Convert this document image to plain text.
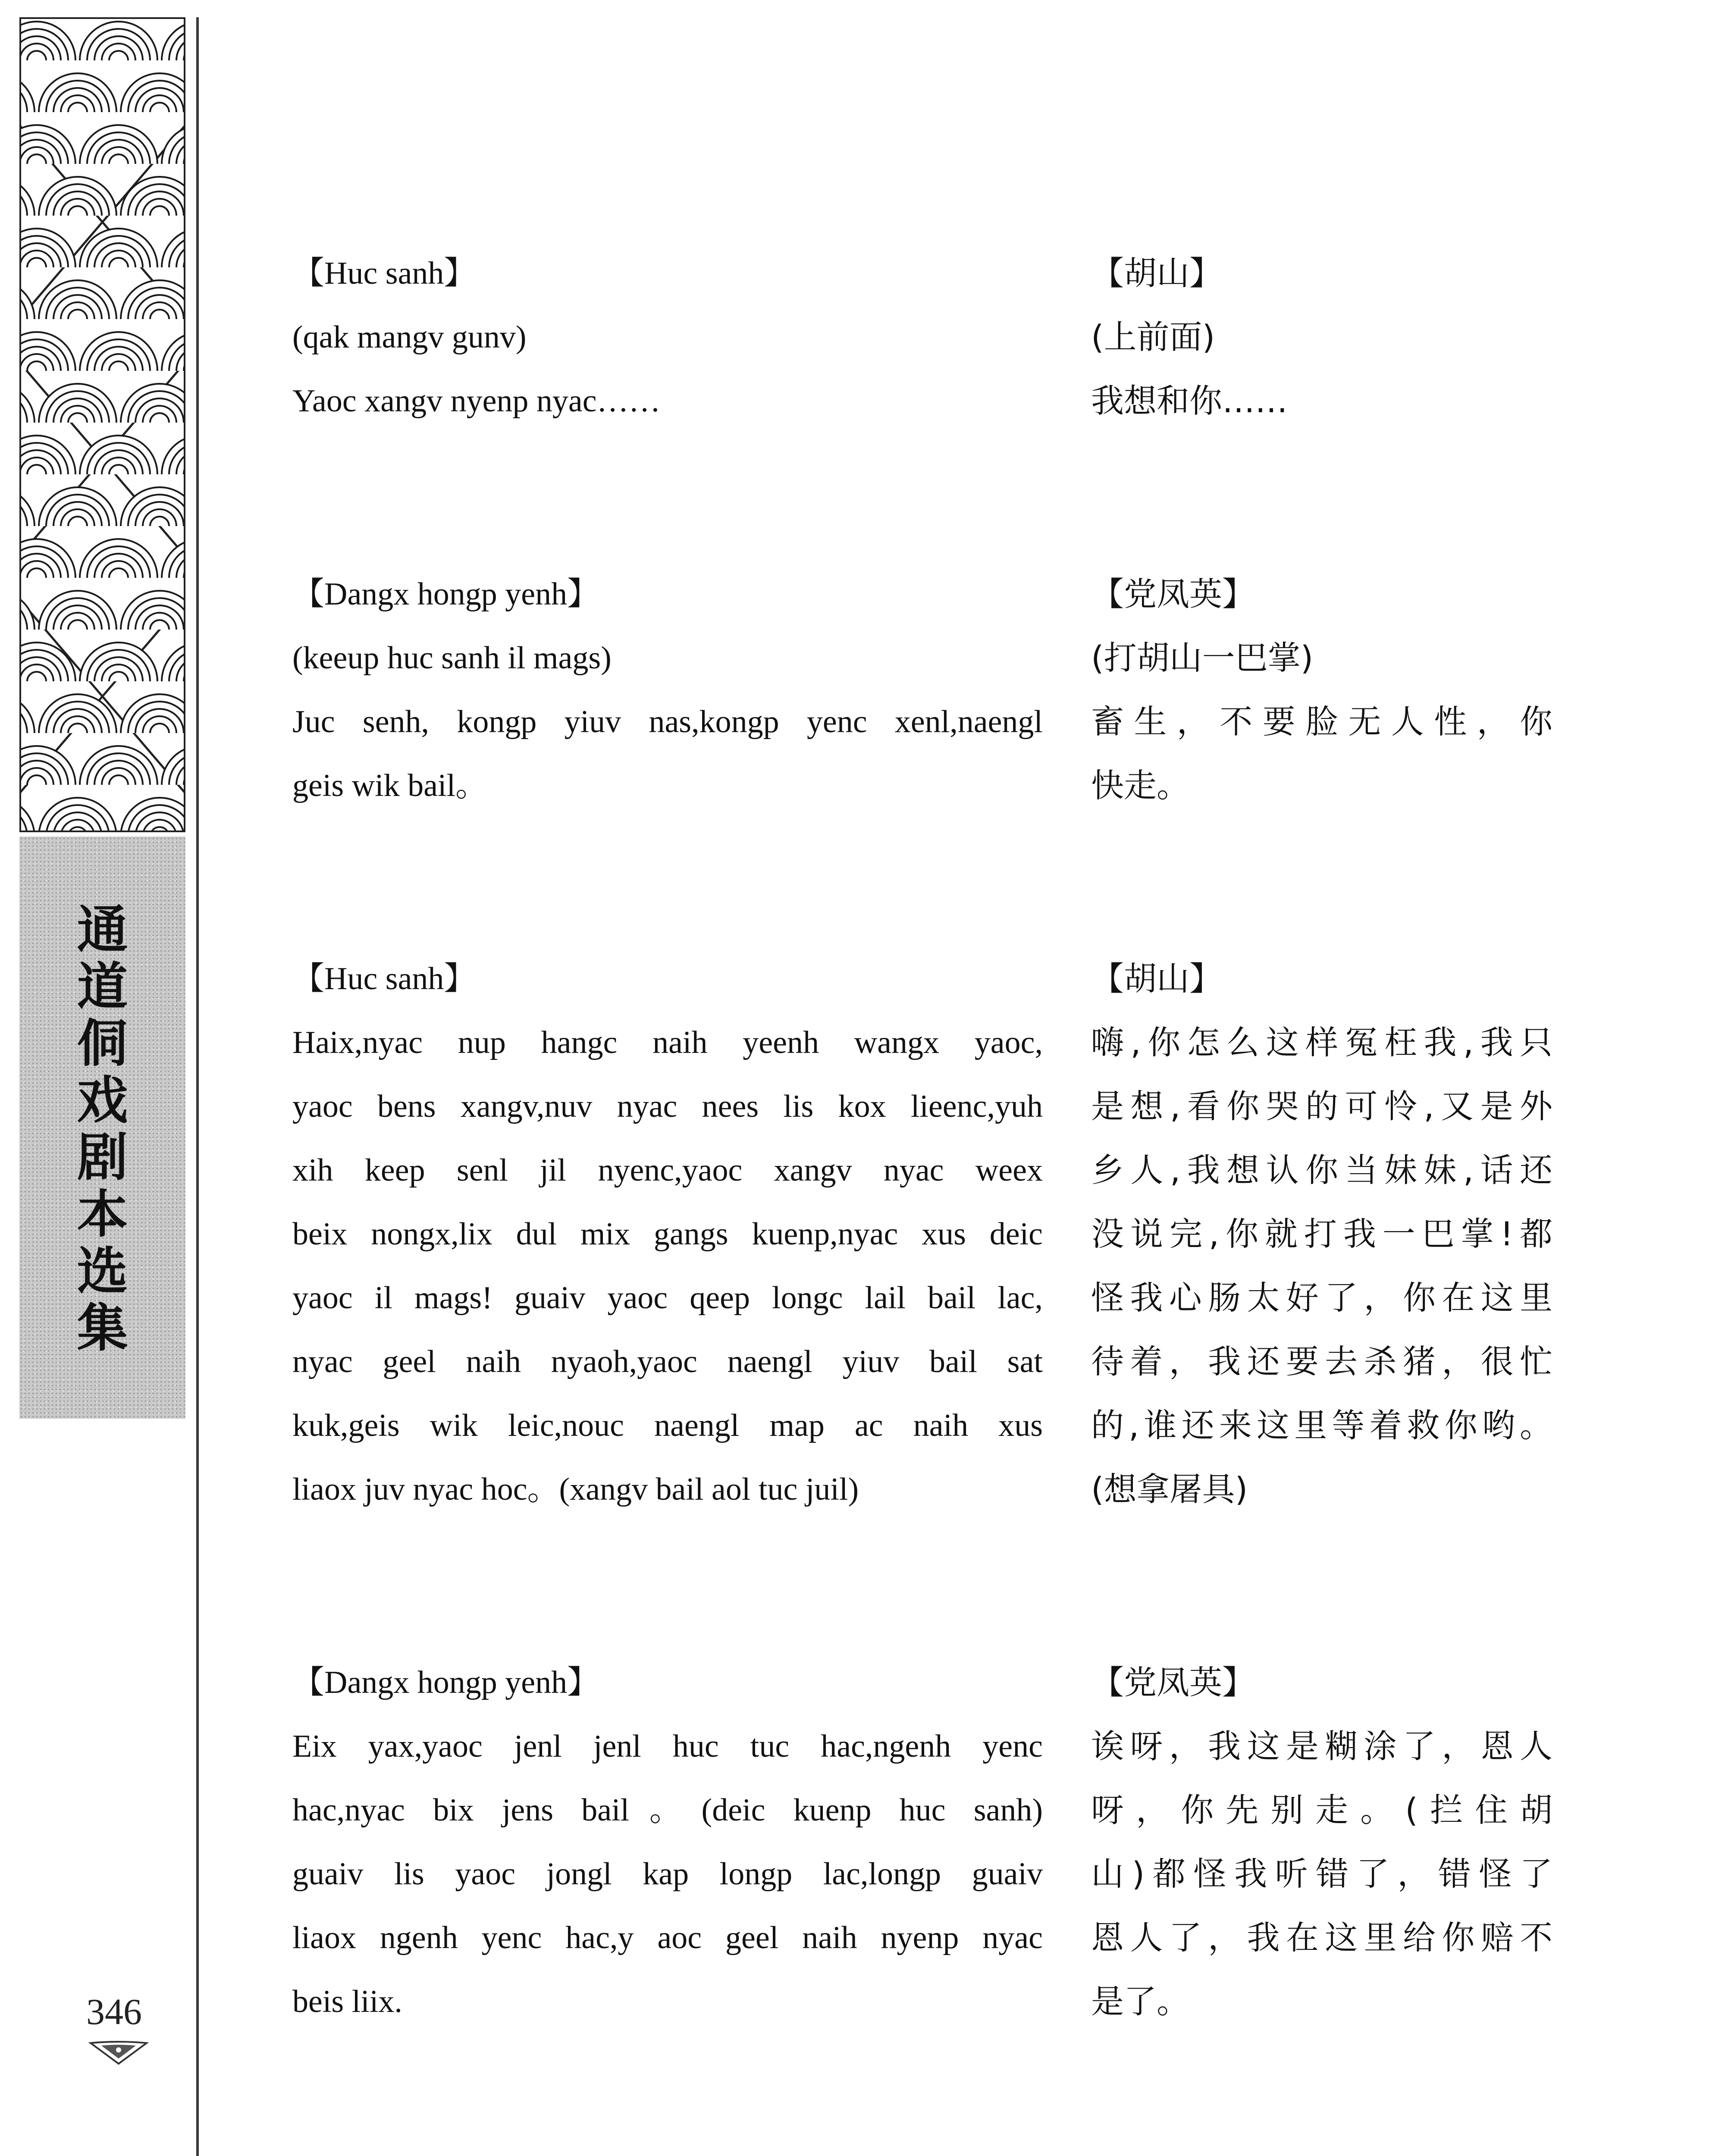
通
道
侗
戏
剧
本
选
集
346
【Huc sanh】
(qak mangv gunv)
Yaoc xangv nyenp nyac……
【Dangx hongp yenh】
(keeup huc sanh il mags)
Juc senh, kongp yiuv nas,kongp yenc xenl,naengl
geis wik bail。
【Huc sanh】
Haix,nyac nup hangc naih yeenh wangx yaoc,
yaoc bens xangv,nuv nyac nees lis kox lieenc,yuh
xih keep senl jil nyenc,yaoc xangv nyac weex
beix nongx,lix dul mix gangs kuenp,nyac xus deic
yaoc il mags! guaiv yaoc qeep longc lail bail lac,
nyac geel naih nyaoh,yaoc naengl yiuv bail sat
kuk,geis wik leic,nouc naengl map ac naih xus
liaox juv nyac hoc。(xangv bail aol tuc juil)
【Dangx hongp yenh】
Eix yax,yaoc jenl jenl huc tuc hac,ngenh yenc
hac,nyac bix jens bail。(deic kuenp huc sanh)
guaiv lis yaoc jongl kap longp lac,longp guaiv
liaox ngenh yenc hac,y aoc geel naih nyenp nyac
beis liix.
【胡山】
(上前面)
我想和你……
【党凤英】
(打胡山一巴掌)
畜生，不要脸无人性，你
快走。
【胡山】
嗨,你怎么这样冤枉我,我只
是想,看你哭的可怜,又是外
乡人,我想认你当妹妹,话还
没说完,你就打我一巴掌!都
怪我心肠太好了，你在这里
待着，我还要去杀猪，很忙
的,谁还来这里等着救你哟。
(想拿屠具)
【党凤英】
诶呀，我这是糊涂了，恩人
呀，你先别走。(拦住胡
山)都怪我听错了，错怪了
恩人了，我在这里给你赔不
是了。
